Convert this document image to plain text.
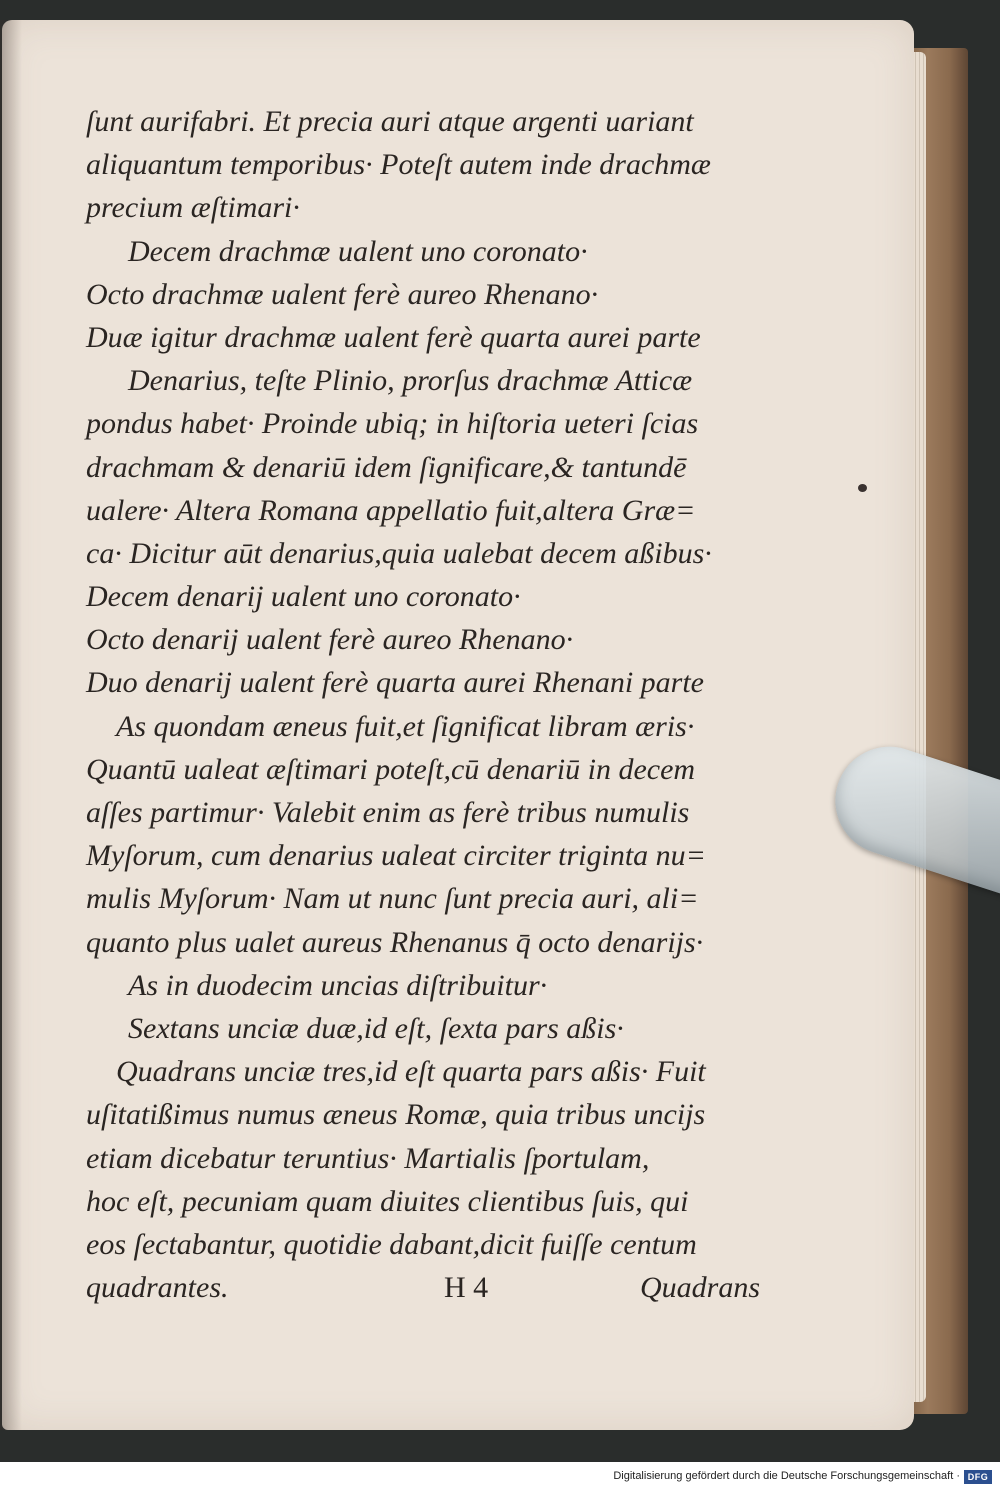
ſunt aurifabri. Et precia auri atque argenti uariant
aliquantum temporibus· Poteſt autem inde drachmæ
precium æſtimari·
Decem drachmæ ualent uno coronato·
Octo drachmæ ualent ferè aureo Rhenano·
Duæ igitur drachmæ ualent ferè quarta aurei parte
Denarius, teſte Plinio, prorſus drachmæ Atticæ
pondus habet· Proinde ubiq; in hiſtoria ueteri ſcias
drachmam & denariū idem ſignificare,& tantundē
ualere· Altera Romana appellatio fuit,altera Græ=
ca· Dicitur aūt denarius,quia ualebat decem aßibus·
Decem denarij ualent uno coronato·
Octo denarij ualent ferè aureo Rhenano·
Duo denarij ualent ferè quarta aurei Rhenani parte
As quondam æneus fuit,et ſignificat libram æris·
Quantū ualeat æſtimari poteſt,cū denariū in decem
aſſes partimur· Valebit enim as ferè tribus numulis
Myſorum, cum denarius ualeat circiter triginta nu=
mulis Myſorum· Nam ut nunc ſunt precia auri, ali=
quanto plus ualet aureus Rhenanus q̄ octo denarijs·
As in duodecim uncias diſtribuitur·
Sextans unciæ duæ,id eſt, ſexta pars aßis·
Quadrans unciæ tres,id eſt quarta pars aßis· Fuit
uſitatißimus numus æneus Romæ, quia tribus uncijs
etiam dicebatur teruntius· Martialis ſportulam,
hoc eſt, pecuniam quam diuites clientibus ſuis, qui
eos ſectabantur, quotidie dabant,dicit fuiſſe centum
quadrantes.	H 4	Quadrans
Digitalisierung gefördert durch die Deutsche Forschungsgemeinschaft · DFG
